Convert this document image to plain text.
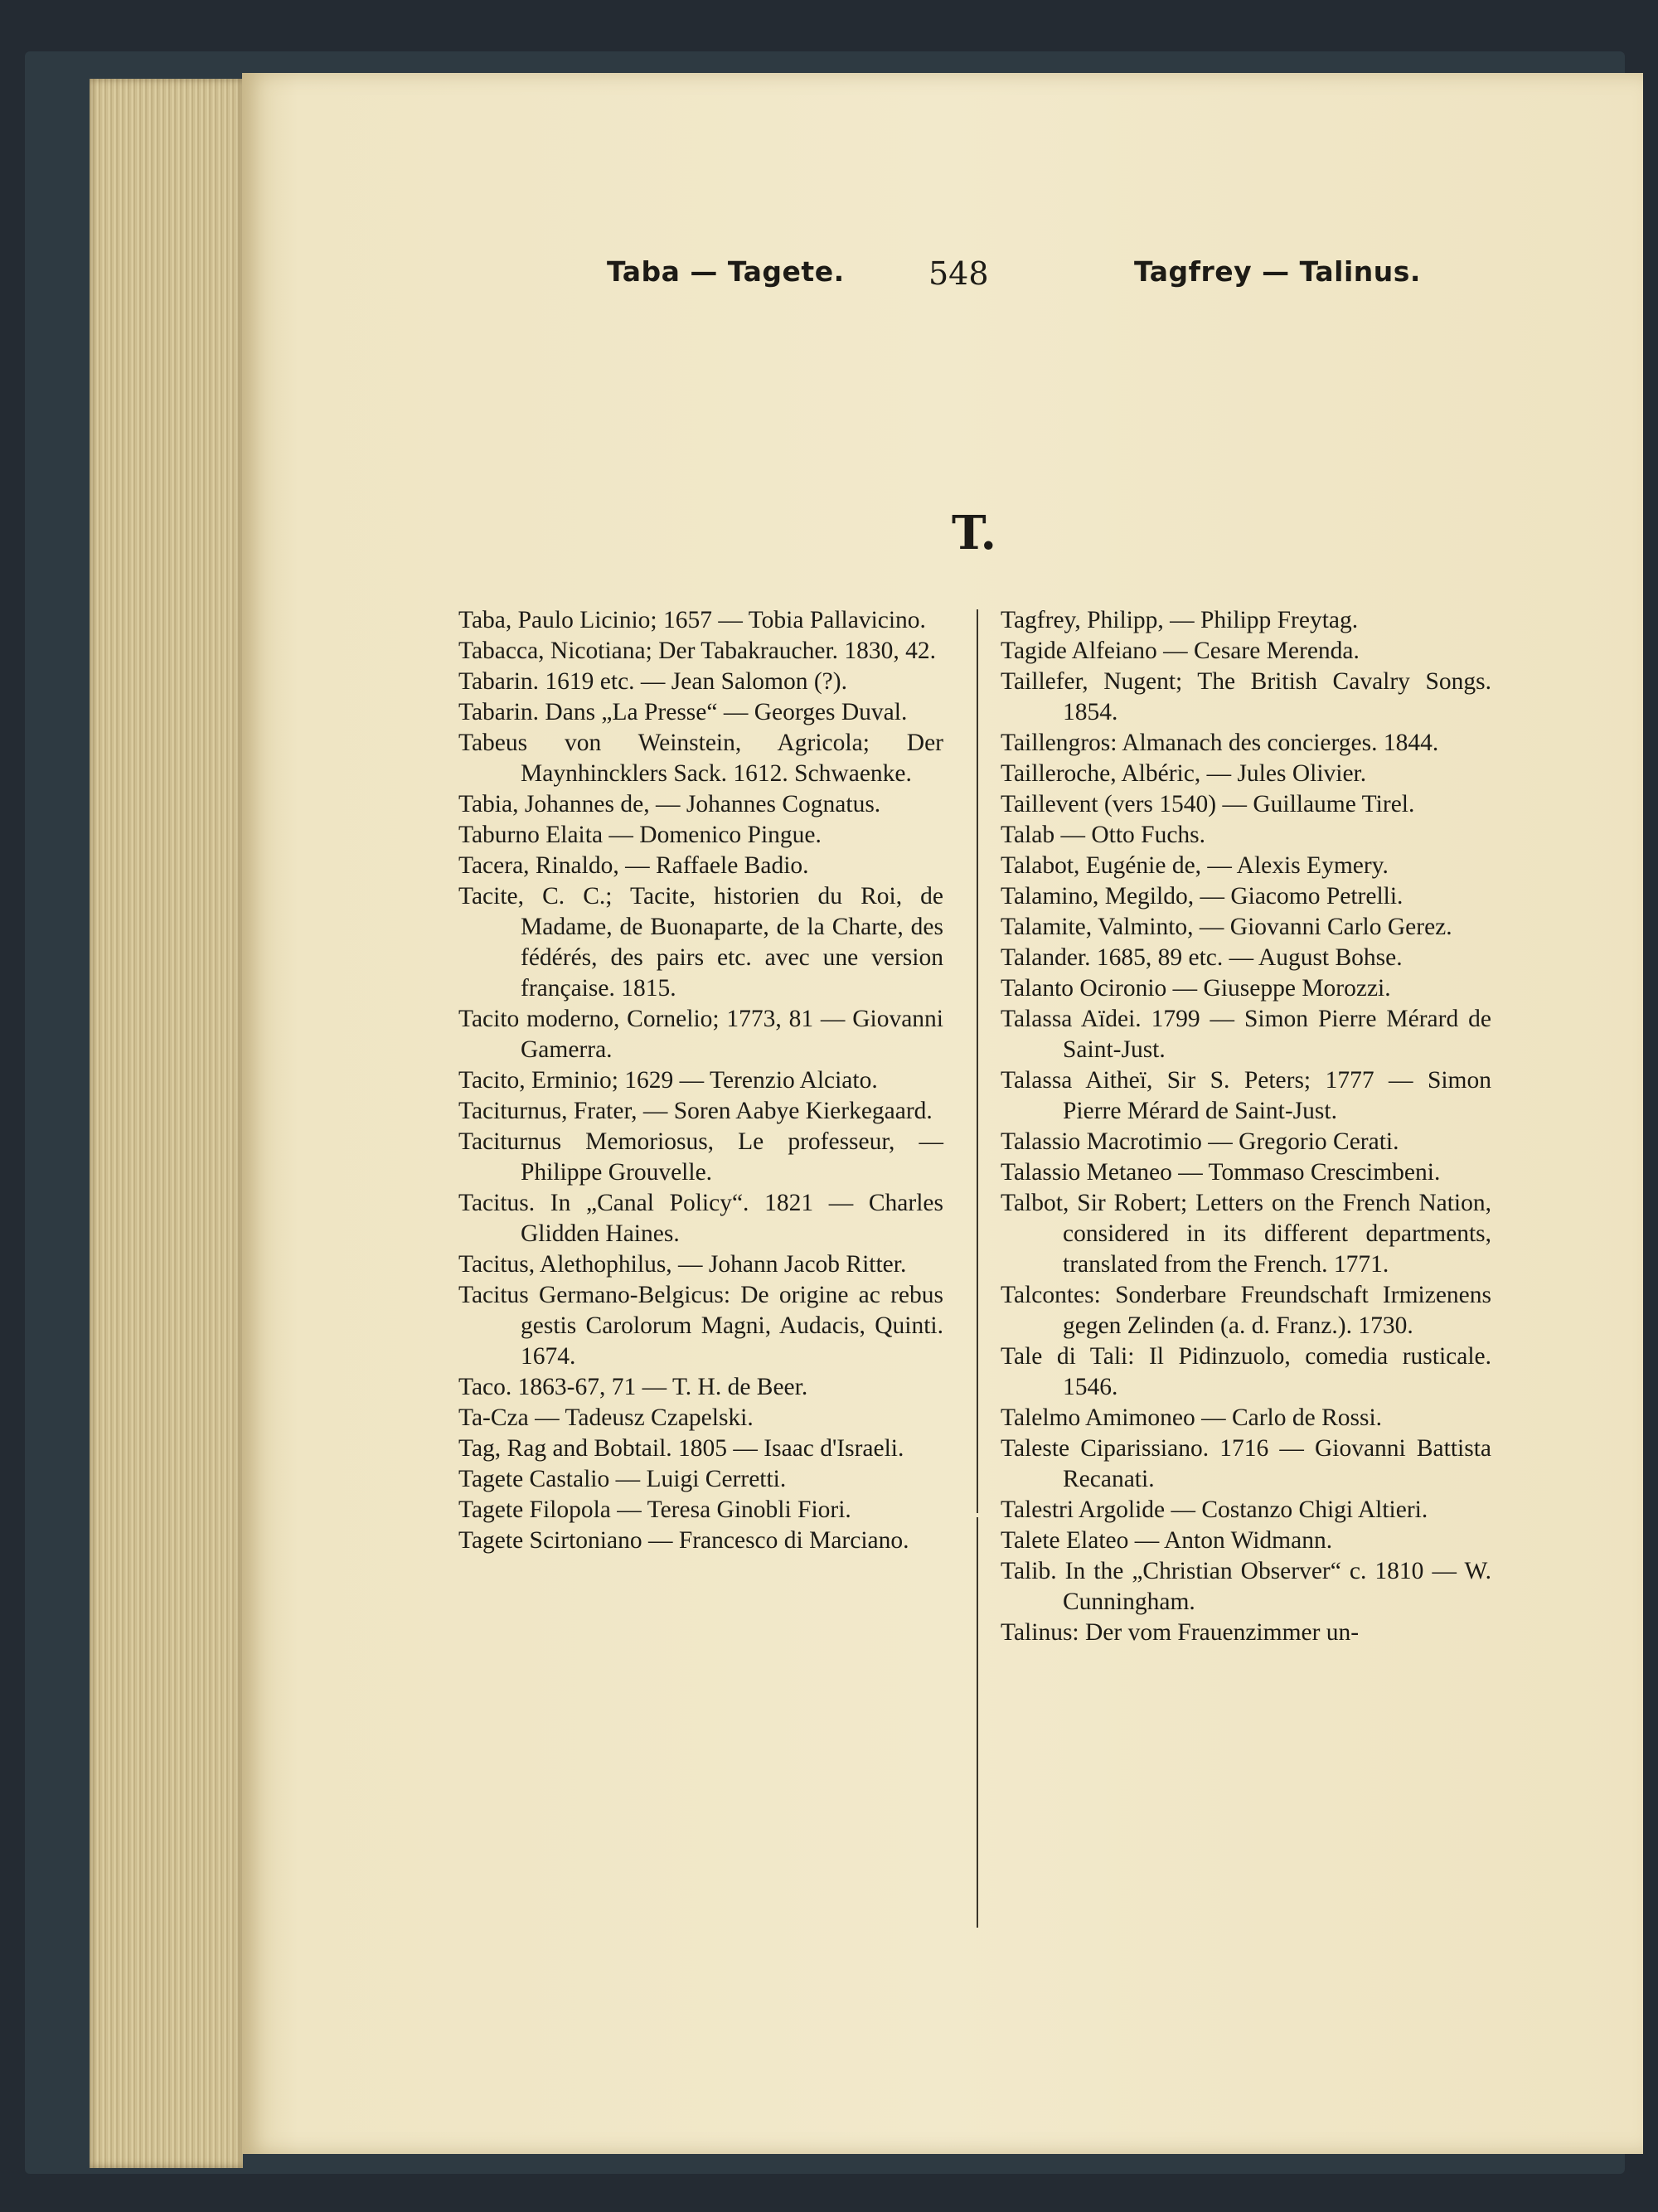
Taba — Tagete.	548	Tagfrey — Talinus.
T.
Taba, Paulo Licinio; 1657 — Tobia Pallavicino.
Tabacca, Nicotiana; Der Tabakraucher. 1830, 42.
Tabarin. 1619 etc. — Jean Salomon (?).
Tabarin. Dans „La Presse“ — Georges Duval.
Tabeus von Weinstein, Agricola; Der Maynhincklers Sack. 1612. Schwaenke.
Tabia, Johannes de, — Johannes Cognatus.
Taburno Elaita — Domenico Pingue.
Tacera, Rinaldo, — Raffaele Badio.
Tacite, C. C.; Tacite, historien du Roi, de Madame, de Buonaparte, de la Charte, des fédérés, des pairs etc. avec une version française. 1815.
Tacito moderno, Cornelio; 1773, 81 — Giovanni Gamerra.
Tacito, Erminio; 1629 — Terenzio Alciato.
Taciturnus, Frater, — Soren Aabye Kierkegaard.
Taciturnus Memoriosus, Le professeur, — Philippe Grouvelle.
Tacitus. In „Canal Policy“. 1821 — Charles Glidden Haines.
Tacitus, Alethophilus, — Johann Jacob Ritter.
Tacitus Germano-Belgicus: De origine ac rebus gestis Carolorum Magni, Audacis, Quinti. 1674.
Taco. 1863-67, 71 — T. H. de Beer.
Ta-Cza — Tadeusz Czapelski.
Tag, Rag and Bobtail. 1805 — Isaac d'Israeli.
Tagete Castalio — Luigi Cerretti.
Tagete Filopola — Teresa Ginobli Fiori.
Tagete Scirtoniano — Francesco di Marciano.
Tagfrey, Philipp, — Philipp Freytag.
Tagide Alfeiano — Cesare Merenda.
Taillefer, Nugent; The British Cavalry Songs. 1854.
Taillengros: Almanach des concierges. 1844.
Tailleroche, Albéric, — Jules Olivier.
Taillevent (vers 1540) — Guillaume Tirel.
Talab — Otto Fuchs.
Talabot, Eugénie de, — Alexis Eymery.
Talamino, Megildo, — Giacomo Petrelli.
Talamite, Valminto, — Giovanni Carlo Gerez.
Talander. 1685, 89 etc. — August Bohse.
Talanto Ocironio — Giuseppe Morozzi.
Talassa Aïdei. 1799 — Simon Pierre Mérard de Saint-Just.
Talassa Aitheï, Sir S. Peters; 1777 — Simon Pierre Mérard de Saint-Just.
Talassio Macrotimio — Gregorio Cerati.
Talassio Metaneo — Tommaso Crescimbeni.
Talbot, Sir Robert; Letters on the French Nation, considered in its different departments, translated from the French. 1771.
Talcontes: Sonderbare Freundschaft Irmizenens gegen Zelinden (a. d. Franz.). 1730.
Tale di Tali: Il Pidinzuolo, comedia rusticale. 1546.
Talelmo Amimoneo — Carlo de Rossi.
Taleste Ciparissiano. 1716 — Giovanni Battista Recanati.
Talestri Argolide — Costanzo Chigi Altieri.
Talete Elateo — Anton Widmann.
Talib. In the „Christian Observer“ c. 1810 — W. Cunningham.
Talinus: Der vom Frauenzimmer un-
